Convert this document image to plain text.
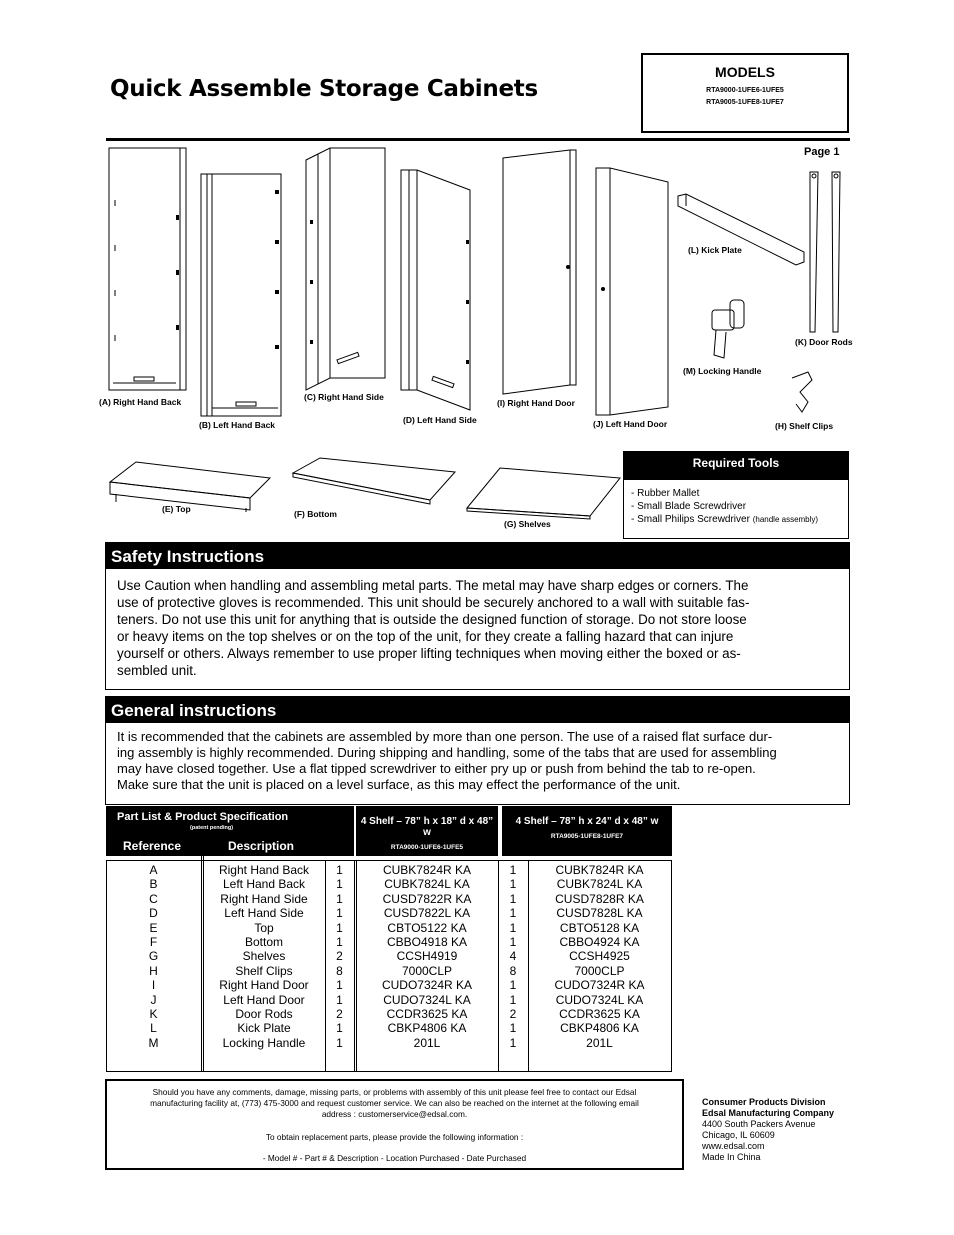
Quick Assemble Storage Cabinets
MODELS
RTA9000-1UFE6-1UFE5
RTA9005-1UFE8-1UFE7
Page 1
(A) Right Hand Back
(B) Left Hand Back
(C) Right Hand Side
(D) Left Hand Side
(I) Right Hand Door
(J) Left Hand Door
(L) Kick Plate
(K) Door Rods
(M) Locking Handle
(H) Shelf Clips
(E) Top	(F) Bottom
(G) Shelves
Required Tools
- Rubber Mallet
- Small Blade Screwdriver
- Small Philips Screwdriver (handle assembly)
Safety Instructions
Use Caution when handling and assembling metal parts. The metal may have sharp edges or corners. The
use of protective gloves is recommended. This unit should be securely anchored to a wall with suitable fas-
teners. Do not use this unit for anything that is outside the designed function of storage. Do not store loose
or heavy items on the top shelves or on the top of the unit, for they create a falling hazard that can injure
yourself or others. Always remember to use proper lifting techniques when moving either the boxed or as-
sembled unit.
General instructions
It is recommended that the cabinets are assembled by more than one person. The use of a raised flat surface dur-
ing assembly is highly recommended. During shipping and handling, some of the tabs that are used for assembling
may have closed together. Use a flat tipped screwdriver to either pry up or push from behind the tab to re-open.
Make sure that the unit is placed on a level surface, as this may effect the performance of the unit.
Part List & Product Specification
(patent pending)
Reference	Description
4 Shelf – 78” h x 18” d x 48” w
RTA9000-1UFE6-1UFE5
4 Shelf – 78” h x 24” d x 48” w
RTA9005-1UFE8-1UFE7
A	Right Hand Back	1	CUBK7824R KA	1	CUBK7824R KA
B	Left Hand Back	1	CUBK7824L KA	1	CUBK7824L KA
C	Right Hand Side	1	CUSD7822R KA	1	CUSD7828R KA
D	Left Hand Side	1	CUSD7822L KA	1	CUSD7828L KA
E	Top	1	CBTO5122 KA	1	CBTO5128 KA
F	Bottom	1	CBBO4918 KA	1	CBBO4924 KA
G	Shelves	2	CCSH4919	4	CCSH4925
H	Shelf Clips	8	7000CLP	8	7000CLP
I	Right Hand Door	1	CUDO7324R KA	1	CUDO7324R KA
J	Left Hand Door	1	CUDO7324L KA	1	CUDO7324L KA
K	Door Rods	2	CCDR3625 KA	2	CCDR3625 KA
L	Kick Plate	1	CBKP4806 KA	1	CBKP4806 KA
M	Locking Handle	1	201L	1	201L
Should you have any comments, damage, missing parts, or problems with assembly of this unit please feel free to contact our Edsal
manufacturing facility at, (773) 475-3000 and request customer service. We can also be reached on the internet at the following email
address : customerservice@edsal.com.
To obtain replacement parts, please provide the following information :
- Model # - Part # & Description - Location Purchased - Date Purchased
Consumer Products Division
Edsal Manufacturing Company
4400 South Packers Avenue
Chicago, IL 60609
www.edsal.com
Made In China
